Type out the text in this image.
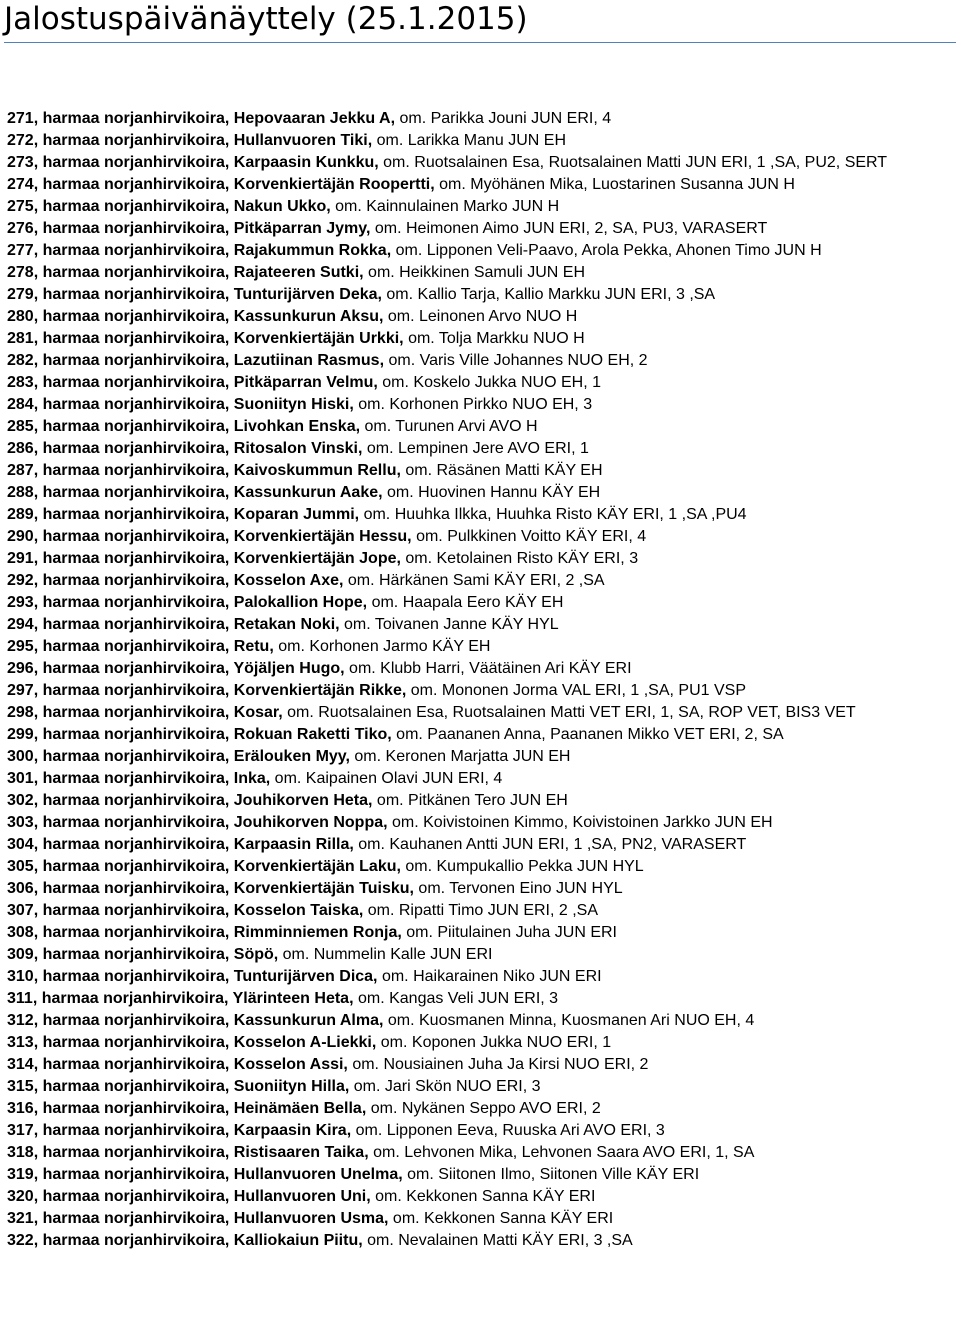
Jalostuspäivänäyttely (25.1.2015)

271, harmaa norjanhirvikoira, Hepovaaran Jekku A, om. Parikka Jouni JUN ERI, 4

272, harmaa norjanhirvikoira, Hullanvuoren Tiki, om. Larikka Manu JUN EH

273, harmaa norjanhirvikoira, Karpaasin Kunkku, om. Ruotsalainen Esa, Ruotsalainen Matti JUN ERI, 1 ,SA, PU2, SERT

274, harmaa norjanhirvikoira, Korvenkiertäjän Roopertti, om. Myöhänen Mika, Luostarinen Susanna JUN H

275, harmaa norjanhirvikoira, Nakun Ukko, om. Kainnulainen Marko JUN H

276, harmaa norjanhirvikoira, Pitkäparran Jymy, om. Heimonen Aimo JUN ERI, 2, SA, PU3, VARASERT

277, harmaa norjanhirvikoira, Rajakummun Rokka, om. Lipponen Veli-Paavo, Arola Pekka, Ahonen Timo JUN H

278, harmaa norjanhirvikoira, Rajateeren Sutki, om. Heikkinen Samuli JUN EH

279, harmaa norjanhirvikoira, Tunturijärven Deka, om. Kallio Tarja, Kallio Markku JUN ERI, 3 ,SA

280, harmaa norjanhirvikoira, Kassunkurun Aksu, om. Leinonen Arvo NUO H

281, harmaa norjanhirvikoira, Korvenkiertäjän Urkki, om. Tolja Markku NUO H

282, harmaa norjanhirvikoira, Lazutiinan Rasmus, om. Varis Ville Johannes NUO EH, 2

283, harmaa norjanhirvikoira, Pitkäparran Velmu, om. Koskelo Jukka NUO EH, 1

284, harmaa norjanhirvikoira, Suoniityn Hiski, om. Korhonen Pirkko NUO EH, 3

285, harmaa norjanhirvikoira, Livohkan Enska, om. Turunen Arvi AVO H

286, harmaa norjanhirvikoira, Ritosalon Vinski, om. Lempinen Jere AVO ERI, 1

287, harmaa norjanhirvikoira, Kaivoskummun Rellu, om. Räsänen Matti KÄY EH

288, harmaa norjanhirvikoira, Kassunkurun Aake, om. Huovinen Hannu KÄY EH

289, harmaa norjanhirvikoira, Koparan Jummi, om. Huuhka Ilkka, Huuhka Risto KÄY ERI, 1 ,SA ,PU4

290, harmaa norjanhirvikoira, Korvenkiertäjän Hessu, om. Pulkkinen Voitto KÄY ERI, 4

291, harmaa norjanhirvikoira, Korvenkiertäjän Jope, om. Ketolainen Risto KÄY ERI, 3

292, harmaa norjanhirvikoira, Kosselon Axe, om. Härkänen Sami KÄY ERI, 2 ,SA

293, harmaa norjanhirvikoira, Palokallion Hope, om. Haapala Eero KÄY EH

294, harmaa norjanhirvikoira, Retakan Noki, om. Toivanen Janne KÄY HYL

295, harmaa norjanhirvikoira, Retu, om. Korhonen Jarmo KÄY EH

296, harmaa norjanhirvikoira, Yöjäljen Hugo, om. Klubb Harri, Väätäinen Ari KÄY ERI

297, harmaa norjanhirvikoira, Korvenkiertäjän Rikke, om. Mononen Jorma VAL ERI, 1 ,SA, PU1 VSP

298, harmaa norjanhirvikoira, Kosar, om. Ruotsalainen Esa, Ruotsalainen Matti VET ERI, 1, SA, ROP VET, BIS3 VET

299, harmaa norjanhirvikoira, Rokuan Raketti Tiko, om. Paananen Anna, Paananen Mikko VET ERI, 2, SA

300, harmaa norjanhirvikoira, Erälouken Myy, om. Keronen Marjatta JUN EH

301, harmaa norjanhirvikoira, Inka, om. Kaipainen Olavi JUN ERI, 4

302, harmaa norjanhirvikoira, Jouhikorven Heta, om. Pitkänen Tero JUN EH

303, harmaa norjanhirvikoira, Jouhikorven Noppa, om. Koivistoinen Kimmo, Koivistoinen Jarkko JUN EH

304, harmaa norjanhirvikoira, Karpaasin Rilla, om. Kauhanen Antti JUN ERI, 1 ,SA, PN2, VARASERT

305, harmaa norjanhirvikoira, Korvenkiertäjän Laku, om. Kumpukallio Pekka JUN HYL

306, harmaa norjanhirvikoira, Korvenkiertäjän Tuisku, om. Tervonen Eino JUN HYL

307, harmaa norjanhirvikoira, Kosselon Taiska, om. Ripatti Timo JUN ERI, 2 ,SA

308, harmaa norjanhirvikoira, Rimminniemen Ronja, om. Piitulainen Juha JUN ERI

309, harmaa norjanhirvikoira, Söpö, om. Nummelin Kalle JUN ERI

310, harmaa norjanhirvikoira, Tunturijärven Dica, om. Haikarainen Niko JUN ERI

311, harmaa norjanhirvikoira, Ylärinteen Heta, om. Kangas Veli JUN ERI, 3

312, harmaa norjanhirvikoira, Kassunkurun Alma, om. Kuosmanen Minna, Kuosmanen Ari NUO EH, 4

313, harmaa norjanhirvikoira, Kosselon A-Liekki, om. Koponen Jukka NUO ERI, 1

314, harmaa norjanhirvikoira, Kosselon Assi, om. Nousiainen Juha Ja Kirsi NUO ERI, 2

315, harmaa norjanhirvikoira, Suoniityn Hilla, om. Jari Skön NUO ERI, 3

316, harmaa norjanhirvikoira, Heinämäen Bella, om. Nykänen Seppo AVO ERI, 2

317, harmaa norjanhirvikoira, Karpaasin Kira, om. Lipponen Eeva, Ruuska Ari AVO ERI, 3

318, harmaa norjanhirvikoira, Ristisaaren Taika, om. Lehvonen Mika, Lehvonen Saara AVO ERI, 1, SA

319, harmaa norjanhirvikoira, Hullanvuoren Unelma, om. Siitonen Ilmo, Siitonen Ville KÄY ERI

320, harmaa norjanhirvikoira, Hullanvuoren Uni, om. Kekkonen Sanna KÄY ERI

321, harmaa norjanhirvikoira, Hullanvuoren Usma, om. Kekkonen Sanna KÄY ERI

322, harmaa norjanhirvikoira, Kalliokaiun Piitu, om. Nevalainen Matti KÄY ERI, 3 ,SA
